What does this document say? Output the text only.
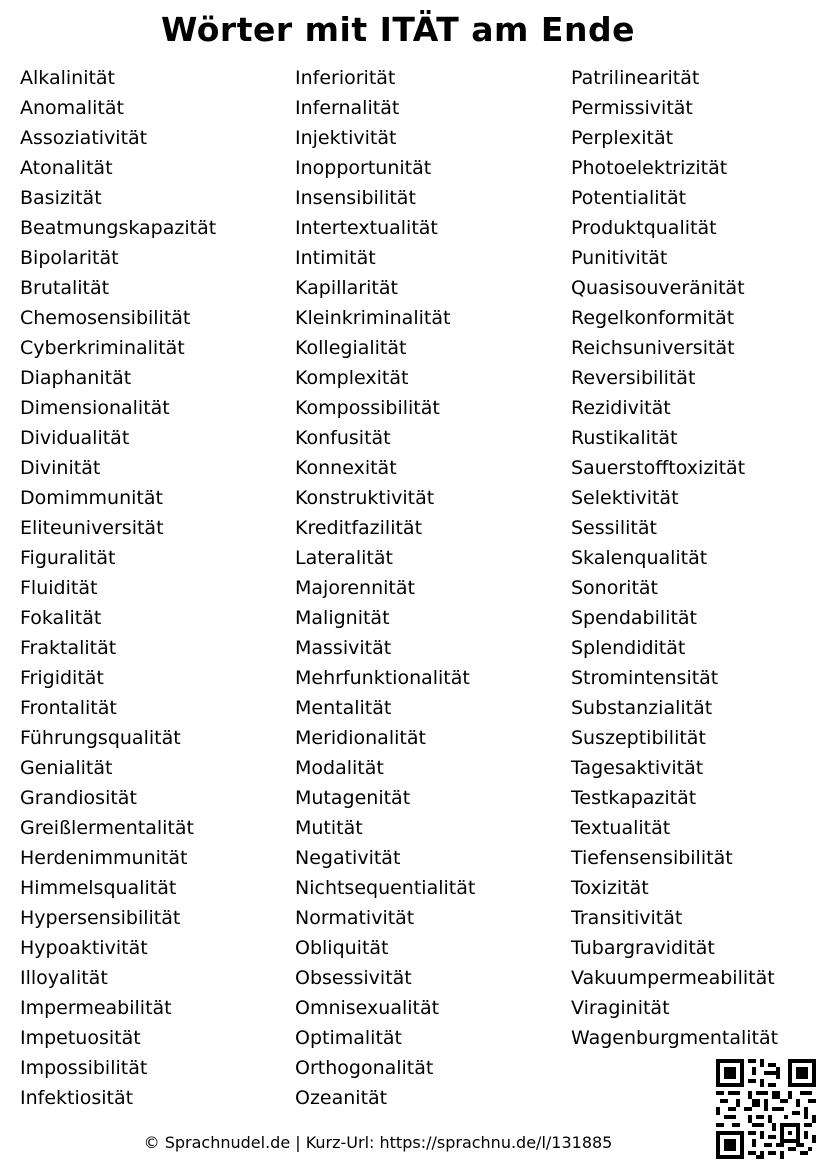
Wörter mit ITÄT am Ende
Alkalinität
Anomalität
Assoziativität
Atonalität
Basizität
Beatmungskapazität
Bipolarität
Brutalität
Chemosensibilität
Cyberkriminalität
Diaphanität
Dimensionalität
Dividualität
Divinität
Domimmunität
Eliteuniversität
Figuralität
Fluidität
Fokalität
Fraktalität
Frigidität
Frontalität
Führungsqualität
Genialität
Grandiosität
Greißlermentalität
Herdenimmunität
Himmelsqualität
Hypersensibilität
Hypoaktivität
Illoyalität
Impermeabilität
Impetuosität
Impossibilität
Infektiosität
Inferiorität
Infernalität
Injektivität
Inopportunität
Insensibilität
Intertextualität
Intimität
Kapillarität
Kleinkriminalität
Kollegialität
Komplexität
Kompossibilität
Konfusität
Konnexität
Konstruktivität
Kreditfazilität
Lateralität
Majorennität
Malignität
Massivität
Mehrfunktionalität
Mentalität
Meridionalität
Modalität
Mutagenität
Mutität
Negativität
Nichtsequentialität
Normativität
Obliquität
Obsessivität
Omnisexualität
Optimalität
Orthogonalität
Ozeanität
Patrilinearität
Permissivität
Perplexität
Photoelektrizität
Potentialität
Produktqualität
Punitivität
Quasisouveränität
Regelkonformität
Reichsuniversität
Reversibilität
Rezidivität
Rustikalität
Sauerstofftoxizität
Selektivität
Sessilität
Skalenqualität
Sonorität
Spendabilität
Splendidität
Stromintensität
Substanzialität
Suszeptibilität
Tagesaktivität
Testkapazität
Textualität
Tiefensensibilität
Toxizität
Transitivität
Tubargravidität
Vakuumpermeabilität
Viraginität
Wagenburgmentalität
© Sprachnudel.de | Kurz-Url: https://sprachnu.de/l/131885
